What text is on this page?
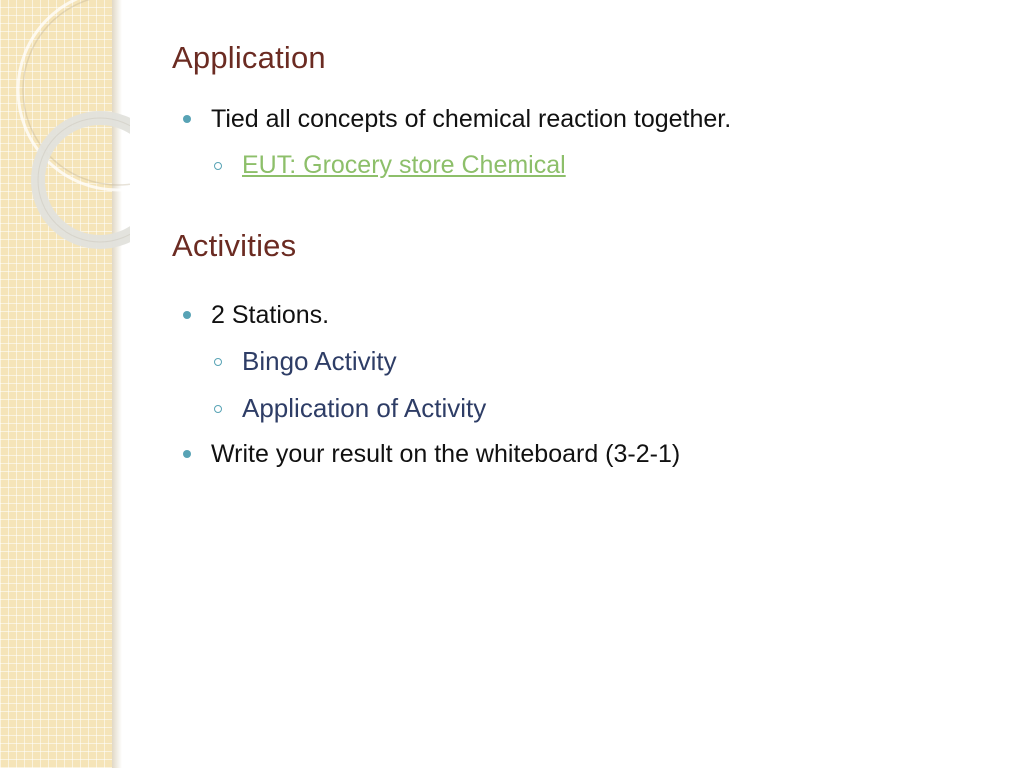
Application
Tied all concepts of chemical reaction together.
EUT: Grocery store Chemical
Activities
2 Stations.
Bingo Activity
Application of Activity
Write your result on the whiteboard (3-2-1)
